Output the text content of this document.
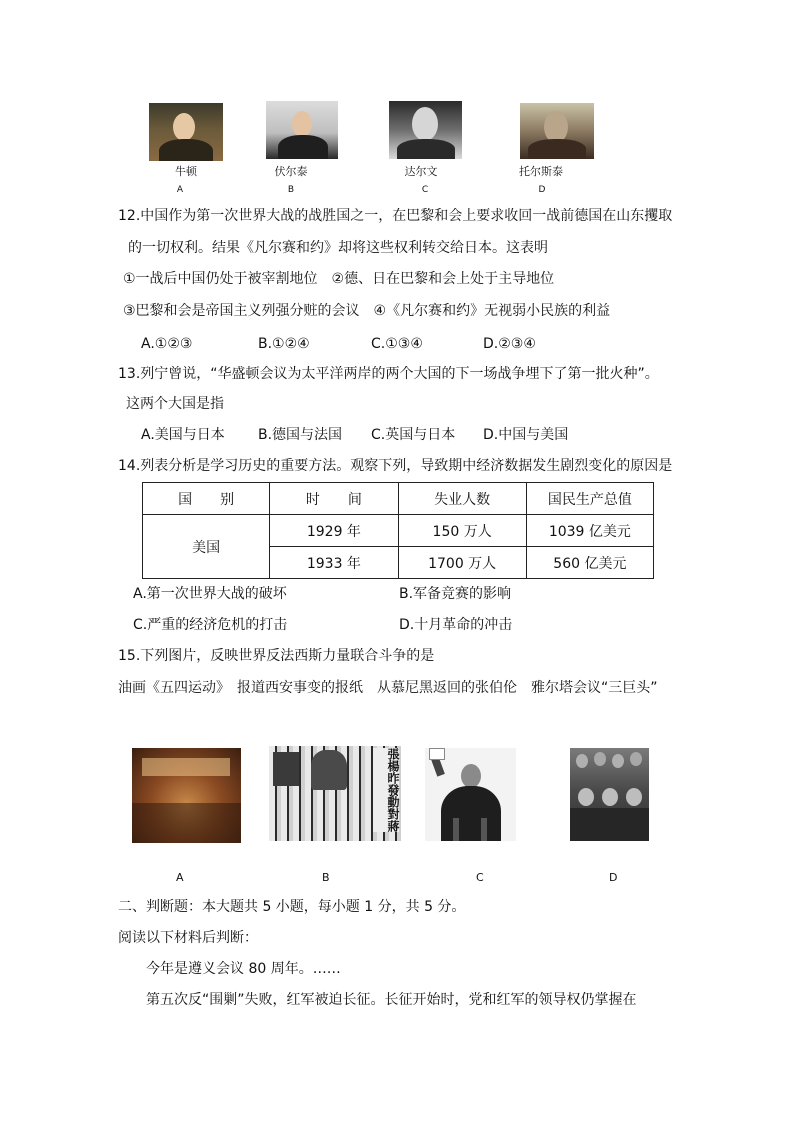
牛顿	伏尔泰	达尔文	托尔斯泰
A	B	C	D
12.中国作为第一次世界大战的战胜国之一，在巴黎和会上要求收回一战前德国在山东攫取
的一切权利。结果《凡尔赛和约》却将这些权利转交给日本。这表明
①一战后中国仍处于被宰割地位　②德、日在巴黎和会上处于主导地位
③巴黎和会是帝国主义列强分赃的会议　④《凡尔赛和约》无视弱小民族的利益
A.①②③	B.①②④	C.①③④	D.②③④
13.列宁曾说，“华盛顿会议为太平洋两岸的两个大国的下一场战争埋下了第一批火种”。
这两个大国是指
A.美国与日本 B.德国与法国 C.英国与日本 D.中国与美国
14.列表分析是学习历史的重要方法。观察下列，导致期中经济数据发生剧烈变化的原因是
国　　别	时　　间	失业人数	国民生产总值
美国	1929 年	150 万人	1039 亿美元
	1933 年	1700 万人	560 亿美元
A.第一次世界大战的破坏	B.军备竞赛的影响
C.严重的经济危机的打击	D.十月革命的冲击
15.下列图片，反映世界反法西斯力量联合斗争的是
油画《五四运动》　报道西安事变的报纸　从慕尼黑返回的张伯伦　雅尔塔会议“三巨头”
張楊昨發動對蔣
A	B	C	D
二、判断题：本大题共 5 小题，每小题 1 分，共 5 分。
阅读以下材料后判断：
今年是遵义会议 80 周年。……
第五次反“围剿”失败，红军被迫长征。长征开始时，党和红军的领导权仍掌握在
